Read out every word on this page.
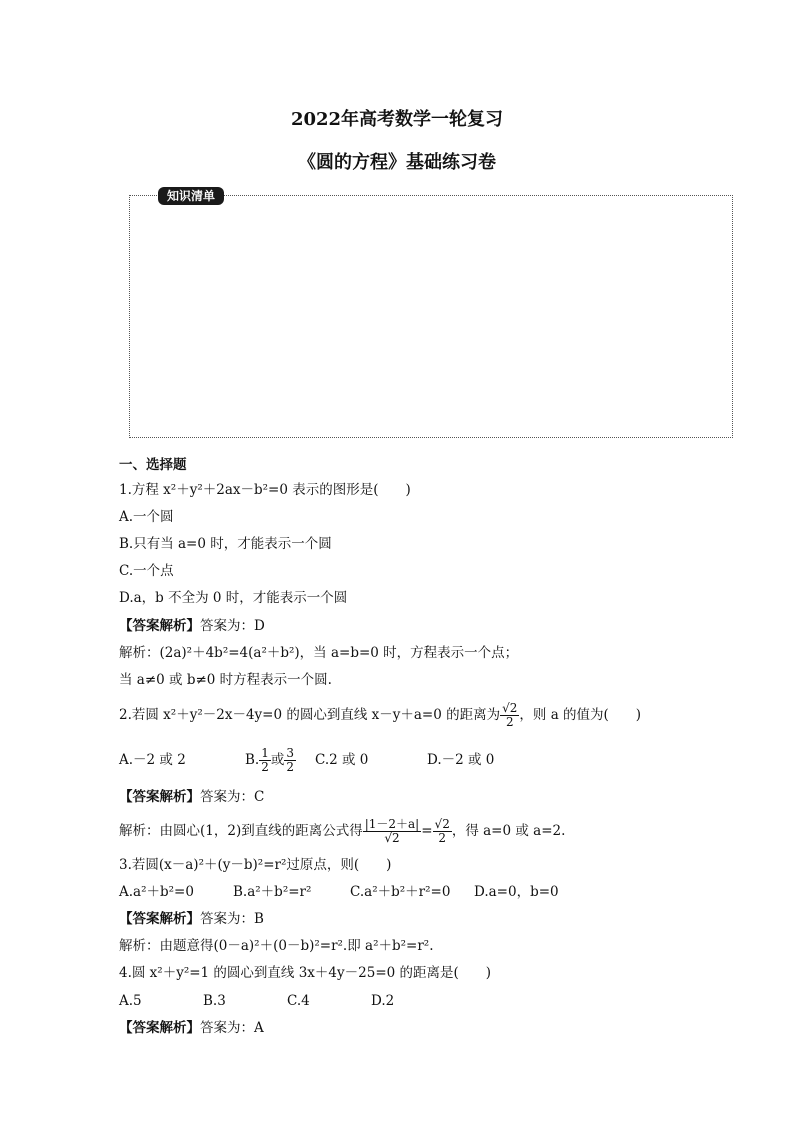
2022年高考数学一轮复习
《圆的方程》基础练习卷
知识清单
一、选择题
1.方程 x²＋y²＋2ax－b²=0 表示的图形是(　　)
A.一个圆
B.只有当 a=0 时，才能表示一个圆
C.一个点
D.a，b 不全为 0 时，才能表示一个圆
【答案解析】答案为：D
解析：(2a)²＋4b²=4(a²＋b²)，当 a=b=0 时，方程表示一个点；
当 a≠0 或 b≠0 时方程表示一个圆.
2.若圆 x²＋y²－2x－4y=0 的圆心到直线 x－y＋a=0 的距离为 $\frac{√2}{2}$ ，则 a 的值为(　　)
A.－2 或 2	B. $\frac{1}{2}$ 或 $\frac{3}{2} C.2$ 或 0	D.－2 或 0
【答案解析】答案为：C
解析：由圆心(1，2)到直线的距离公式得 $\frac{|1-2+a|}{√2} = \frac{√2}{2}$ ，得 a=0 或 a=2.
3.若圆(x－a)²＋(y－b)²=r²过原点，则(　　)
A.a²＋b²=0	B.a²＋b²=r²	C.a²＋b²＋r²=0 D.a=0，b=0
【答案解析】答案为：B
解析：由题意得(0－a)²＋(0－b)²=r².即 a²＋b²=r².
4.圆 x²＋y²=1 的圆心到直线 3x＋4y－25=0 的距离是(　　)
A.5	B.3	C.4	D.2
【答案解析】答案为：A
